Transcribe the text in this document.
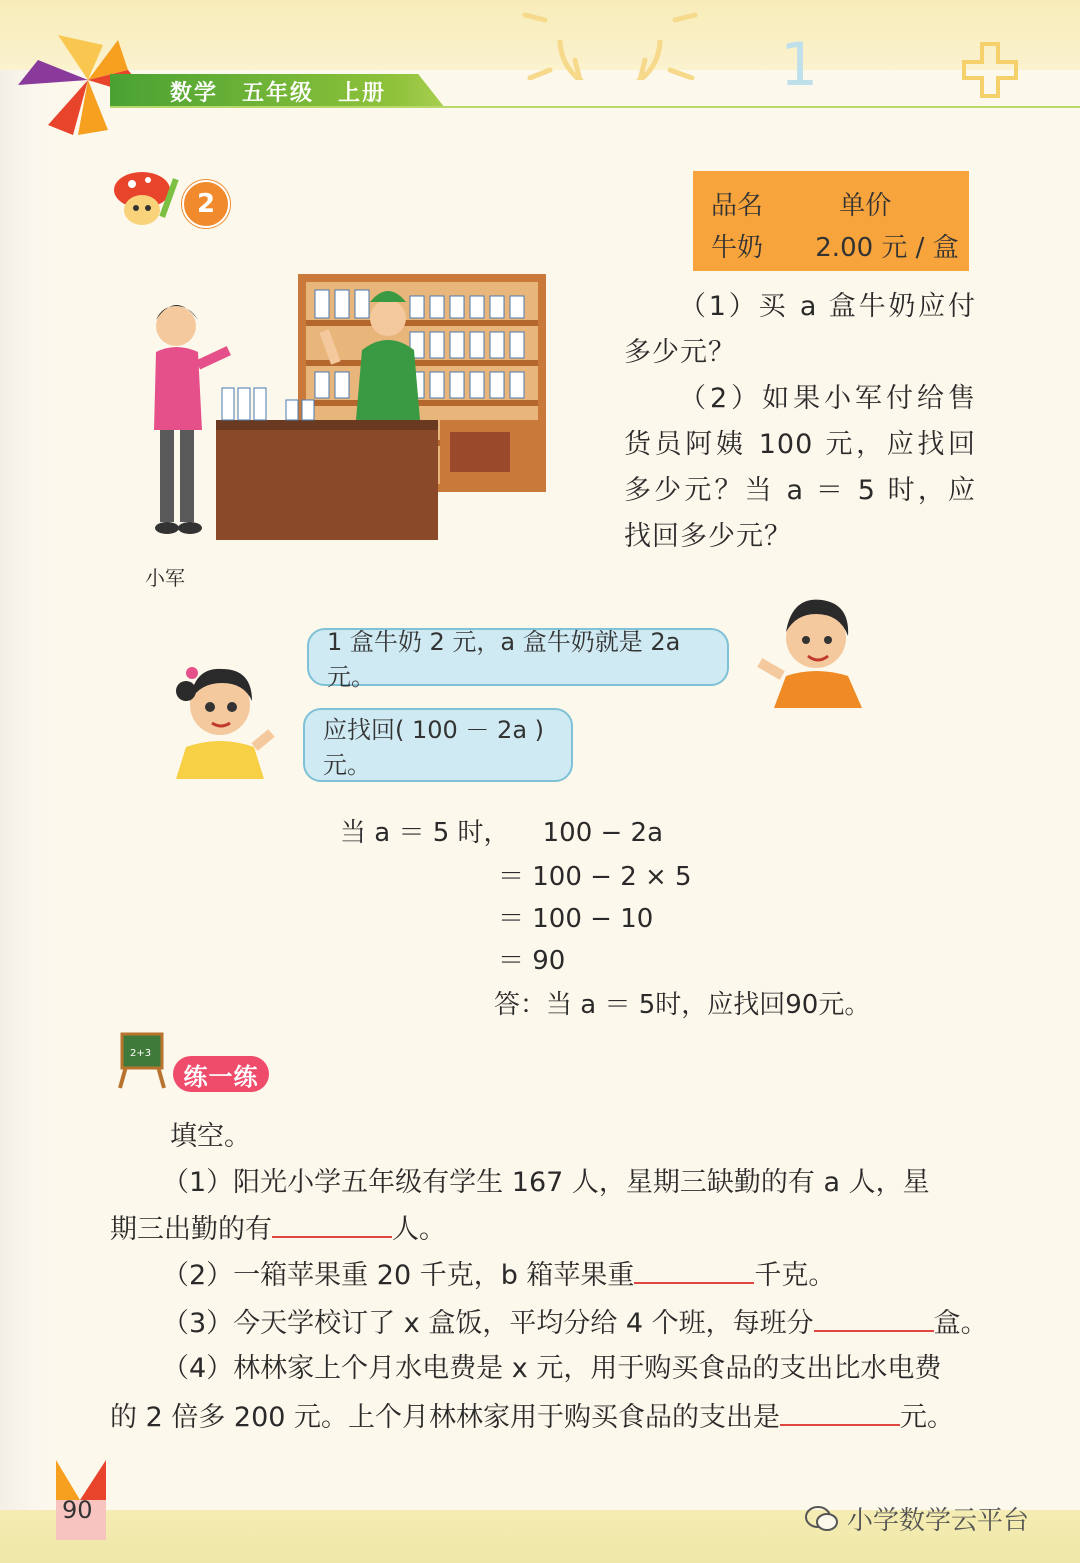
1
数学　五年级　上册
2	品名	单价
牛奶 2.00 元 / 盒
（1）买 a 盒牛奶应付多少元？
（2）如果小军付给售货员阿姨 100 元，应找回多少元？当 a ＝ 5 时，应找回多少元？
小军
1 盒牛奶 2 元，a 盒牛奶就是 2a 元。
应找回( 100 － 2a )元。
当 a ＝ 5 时， 100 − 2a
＝ 100 − 2 × 5
＝ 100 − 10
＝ 90
答：当 a ＝ 5时，应找回90元。
2+3
练一练
填空。
（1）阳光小学五年级有学生 167 人，星期三缺勤的有 a 人，星
期三出勤的有	人。
（2）一箱苹果重 20 千克，b 箱苹果重	千克。
（3）今天学校订了 x 盒饭，平均分给 4 个班，每班分	盒。
（4）林林家上个月水电费是 x 元，用于购买食品的支出比水电费
的 2 倍多 200 元。上个月林林家用于购买食品的支出是	元。
90	小学数学云平台
